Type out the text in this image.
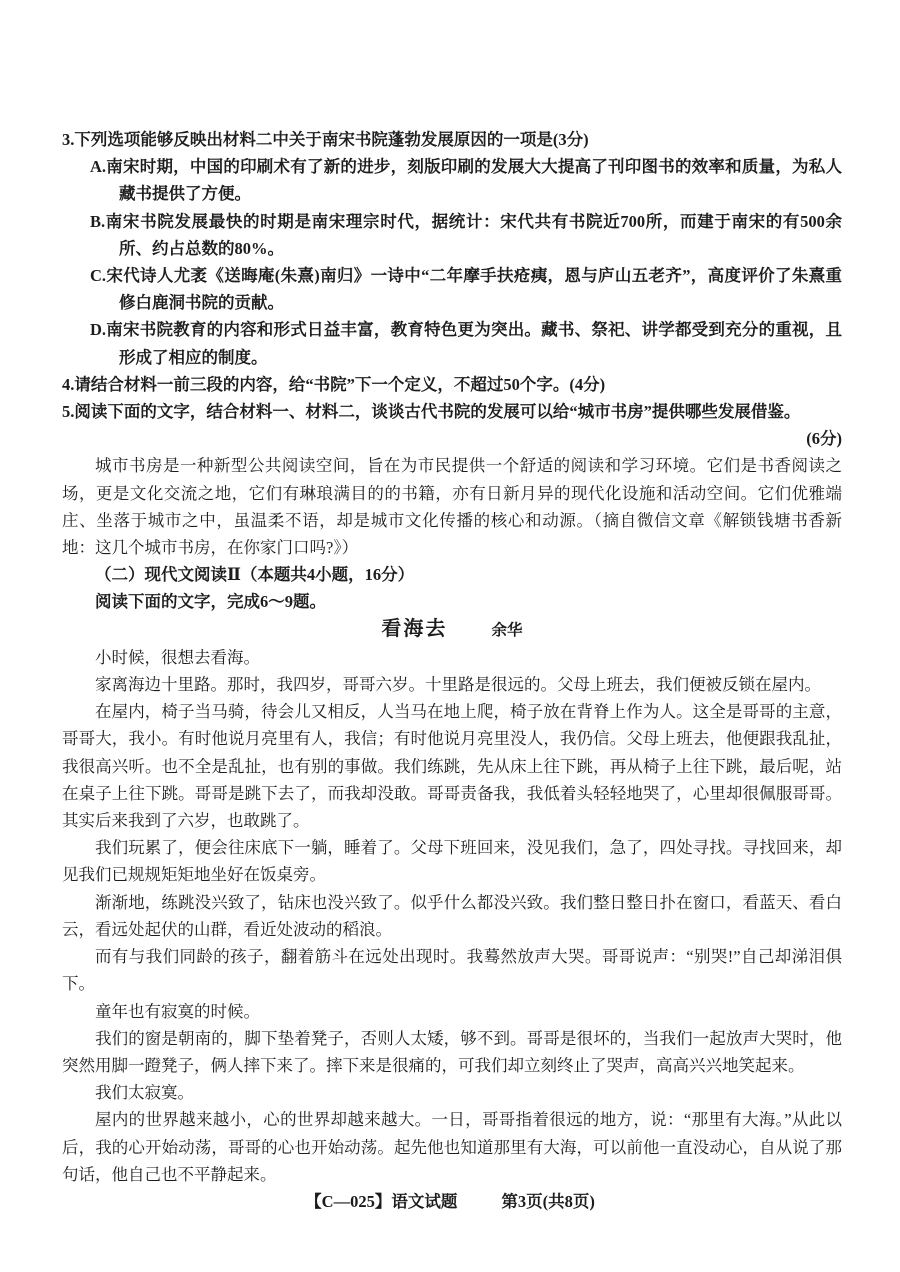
3.下列选项能够反映出材料二中关于南宋书院蓬勃发展原因的一项是(3分)

A.南宋时期，中国的印刷术有了新的进步，刻版印刷的发展大大提高了刊印图书的效率和质量，为私人藏书提供了方便。

B.南宋书院发展最快的时期是南宋理宗时代，据统计：宋代共有书院近700所，而建于南宋的有500余所、约占总数的80%。

C.宋代诗人尤袤《送晦庵(朱熹)南归》一诗中“二年摩手扶疮痍，恩与庐山五老齐”，高度评价了朱熹重修白鹿洞书院的贡献。

D.南宋书院教育的内容和形式日益丰富，教育特色更为突出。藏书、祭祀、讲学都受到充分的重视，且形成了相应的制度。

4.请结合材料一前三段的内容，给“书院”下一个定义，不超过50个字。(4分)

5.阅读下面的文字，结合材料一、材料二，谈谈古代书院的发展可以给“城市书房”提供哪些发展借鉴。

(6分)

城市书房是一种新型公共阅读空间，旨在为市民提供一个舒适的阅读和学习环境。它们是书香阅读之场，更是文化交流之地，它们有琳琅满目的的书籍，亦有日新月异的现代化设施和活动空间。它们优雅端庄、坐落于城市之中，虽温柔不语，却是城市文化传播的核心和动源。（摘自微信文章《解锁钱塘书香新地：这几个城市书房，在你家门口吗?》）

（二）现代文阅读Ⅱ（本题共4小题，16分）

阅读下面的文字，完成6～9题。

看海去	余华

小时候，很想去看海。

家离海边十里路。那时，我四岁，哥哥六岁。十里路是很远的。父母上班去，我们便被反锁在屋内。

在屋内，椅子当马骑，待会儿又相反，人当马在地上爬，椅子放在背脊上作为人。这全是哥哥的主意，哥哥大，我小。有时他说月亮里有人，我信；有时他说月亮里没人，我仍信。父母上班去，他便跟我乱扯，我很高兴听。也不全是乱扯，也有别的事做。我们练跳，先从床上往下跳，再从椅子上往下跳，最后呢，站在桌子上往下跳。哥哥是跳下去了，而我却没敢。哥哥责备我，我低着头轻轻地哭了，心里却很佩服哥哥。其实后来我到了六岁，也敢跳了。

我们玩累了，便会往床底下一躺，睡着了。父母下班回来，没见我们，急了，四处寻找。寻找回来，却见我们已规规矩矩地坐好在饭桌旁。

渐渐地，练跳没兴致了，钻床也没兴致了。似乎什么都没兴致。我们整日整日扑在窗口，看蓝天、看白云，看远处起伏的山群，看近处波动的稻浪。

而有与我们同龄的孩子，翻着筋斗在远处出现时。我蓦然放声大哭。哥哥说声：“别哭!”自己却涕泪俱下。

童年也有寂寞的时候。

我们的窗是朝南的，脚下垫着凳子，否则人太矮，够不到。哥哥是很坏的，当我们一起放声大哭时，他突然用脚一蹬凳子，俩人摔下来了。摔下来是很痛的，可我们却立刻终止了哭声，高高兴兴地笑起来。

我们太寂寞。

屋内的世界越来越小，心的世界却越来越大。一日，哥哥指着很远的地方，说：“那里有大海。”从此以后，我的心开始动荡，哥哥的心也开始动荡。起先他也知道那里有大海，可以前他一直没动心，自从说了那句话，他自己也不平静起来。

【C—025】语文试题	第3页(共8页)
